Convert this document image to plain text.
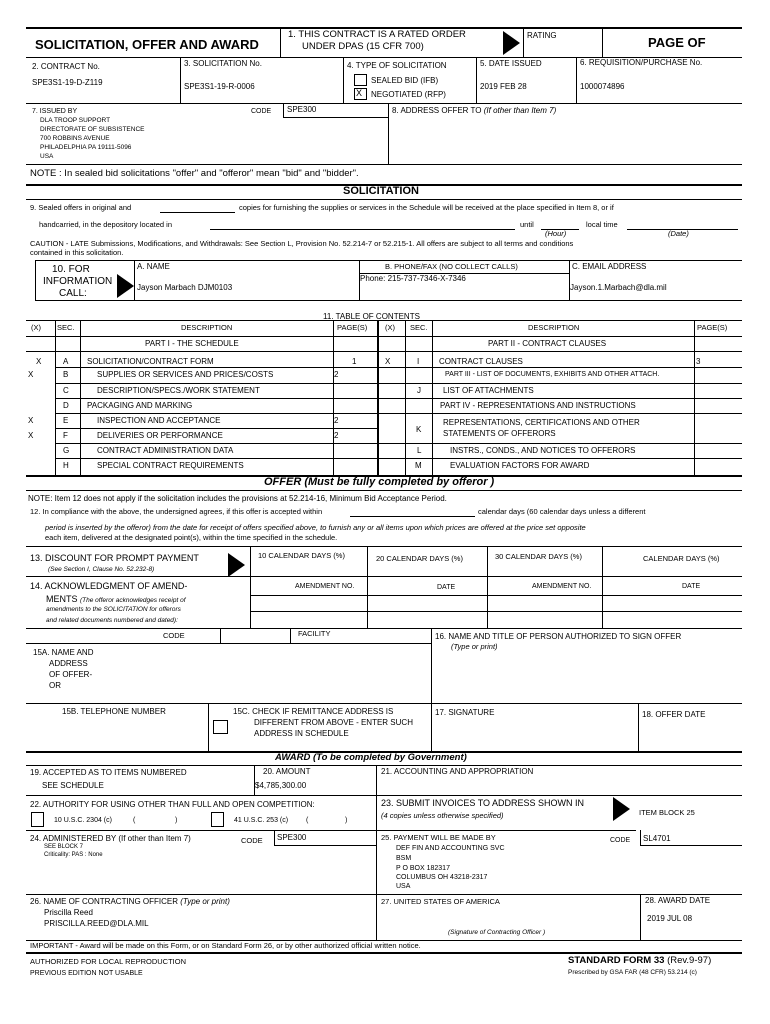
SOLICITATION, OFFER AND AWARD
1. THIS CONTRACT IS A RATED ORDER
UNDER DPAS (15 CFR 700)
RATING	PAGE OF
2. CONTRACT No.
SPE3S1-19-D-Z119
3. SOLICITATION No.
SPE3S1-19-R-0006
4. TYPE OF SOLICITATION
SEALED BID (IFB)
X NEGOTIATED (RFP)
5. DATE ISSUED
2019 FEB 28
6. REQUISITION/PURCHASE No.
1000074896
7. ISSUED BY	CODE SPE300
DLA TROOP SUPPORT
DIRECTORATE OF SUBSISTENCE
700 ROBBINS AVENUE
PHILADELPHIA PA 19111-5096
USA
8. ADDRESS OFFER TO (If other than Item 7)
NOTE : In sealed bid solicitations "offer" and "offeror" mean "bid" and "bidder".
SOLICITATION
9. Sealed offers in original and	copies for furnishing the supplies or services in the Schedule will be received at the place specified in Item 8, or if
handcarried, in the depository located in	until	local time
(Hour)	(Date)
CAUTION - LATE Submissions, Modifications, and Withdrawals: See Section L, Provision No. 52.214-7 or 52.215-1. All offers are subject to all terms and conditions
contained in this solicitation.
10. FOR
INFORMATION
CALL:
A. NAME
Jayson Marbach DJM0103
B. PHONE/FAX (NO COLLECT CALLS)
Phone: 215-737-7346-X-7346
C. EMAIL ADDRESS
Jayson.1.Marbach@dla.mil
11. TABLE OF CONTENTS
(X) SEC.	DESCRIPTION	PAGE(S) (X) SEC.	DESCRIPTION	PAGE(S)
PART I - THE SCHEDULE	PART II - CONTRACT CLAUSES
X	A SOLICITATION/CONTRACT FORM	1
X	B	SUPPLIES OR SERVICES AND PRICES/COSTS	2
C	DESCRIPTION/SPECS./WORK STATEMENT
D PACKAGING AND MARKING
X	E	INSPECTION AND ACCEPTANCE	2
X	F	DELIVERIES OR PERFORMANCE	2
G	CONTRACT ADMINISTRATION DATA
H	SPECIAL CONTRACT REQUIREMENTS
X	I CONTRACT CLAUSES	3
PART III - LIST OF DOCUMENTS, EXHIBITS AND OTHER ATTACH.
J	LIST OF ATTACHMENTS
PART IV - REPRESENTATIONS AND INSTRUCTIONS
K
REPRESENTATIONS, CERTIFICATIONS AND OTHER
STATEMENTS OF OFFERORS
L	INSTRS., CONDS., AND NOTICES TO OFFERORS
M	EVALUATION FACTORS FOR AWARD
OFFER (Must be fully completed by offeror )
NOTE: Item 12 does not apply if the solicitation includes the provisions at 52.214-16, Minimum Bid Acceptance Period.
12. In compliance with the above, the undersigned agrees, if this offer is accepted within	calendar days (60 calendar days unless a different
period is inserted by the offeror) from the date for receipt of offers specified above, to furnish any or all items upon which prices are offered at the price set opposite
each item, delivered at the designated point(s), within the time specified in the schedule.
13. DISCOUNT FOR PROMPT PAYMENT
(See Section I, Clause No. 52.232-8)
10 CALENDAR DAYS (%)	20 CALENDAR DAYS (%)	30 CALENDAR DAYS (%)	CALENDAR DAYS (%)
14. ACKNOWLEDGMENT OF AMEND-
MENTS (The offeror acknowledges receipt of
amendments to the SOLICITATION for offerors
and related documents numbered and dated):
AMENDMENT NO.	DATE	AMENDMENT NO.	DATE
CODE	FACILITY	16. NAME AND TITLE OF PERSON AUTHORIZED TO SIGN OFFER
(Type or print)
15A. NAME AND
ADDRESS
OF OFFER-
OR
15B. TELEPHONE NUMBER	15C. CHECK IF REMITTANCE ADDRESS IS
DIFFERENT FROM ABOVE - ENTER SUCH
ADDRESS IN SCHEDULE
17. SIGNATURE	18. OFFER DATE
AWARD (To be completed by Government)
19. ACCEPTED AS TO ITEMS NUMBERED
SEE SCHEDULE
20. AMOUNT
$4,785,300.00
21. ACCOUNTING AND APPROPRIATION
22. AUTHORITY FOR USING OTHER THAN FULL AND OPEN COMPETITION:
10 U.S.C. 2304 (c)	(	)	41 U.S.C. 253 (c)	(	)
23. SUBMIT INVOICES TO ADDRESS SHOWN IN
(4 copies unless otherwise specified)	ITEM BLOCK 25
24. ADMINISTERED BY (If other than Item 7)
SEE BLOCK 7
Criticality: PAS : None
CODE SPE300	25. PAYMENT WILL BE MADE BY	CODE SL4701
DEF FIN AND ACCOUNTING SVC
BSM
P O BOX 182317
COLUMBUS OH 43218-2317
USA
26. NAME OF CONTRACTING OFFICER (Type or print)
Priscilla Reed
PRISCILLA.REED@DLA.MIL
27. UNITED STATES OF AMERICA
(Signature of Contracting Officer )
28. AWARD DATE
2019 JUL 08
IMPORTANT - Award will be made on this Form, or on Standard Form 26, or by other authorized official written notice.
AUTHORIZED FOR LOCAL REPRODUCTION
PREVIOUS EDITION NOT USABLE
STANDARD FORM 33 (Rev.9-97)
Prescribed by GSA FAR (48 CFR) 53.214 (c)
